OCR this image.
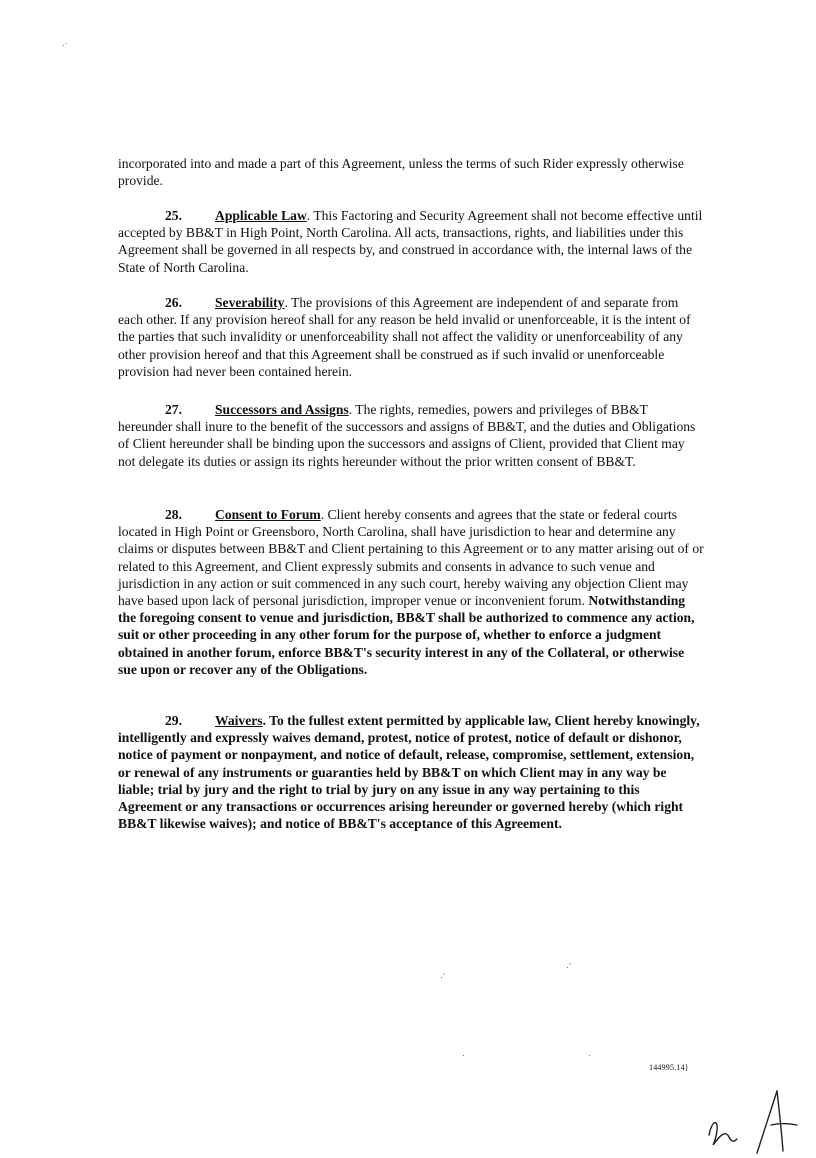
.·

incorporated into and made a part of this Agreement, unless the terms of such Rider expressly otherwise provide.

25. Applicable Law. This Factoring and Security Agreement shall not become effective until accepted by BB&T in High Point, North Carolina. All acts, transactions, rights, and liabilities under this Agreement shall be governed in all respects by, and construed in accordance with, the internal laws of the State of North Carolina.

26. Severability. The provisions of this Agreement are independent of and separate from each other. If any provision hereof shall for any reason be held invalid or unenforceable, it is the intent of the parties that such invalidity or unenforceability shall not affect the validity or unenforceability of any other provision hereof and that this Agreement shall be construed as if such invalid or unenforceable provision had never been contained herein.

27. Successors and Assigns. The rights, remedies, powers and privileges of BB&T hereunder shall inure to the benefit of the successors and assigns of BB&T, and the duties and Obligations of Client hereunder shall be binding upon the successors and assigns of Client, provided that Client may not delegate its duties or assign its rights hereunder without the prior written consent of BB&T.

28. Consent to Forum. Client hereby consents and agrees that the state or federal courts located in High Point or Greensboro, North Carolina, shall have jurisdiction to hear and determine any claims or disputes between BB&T and Client pertaining to this Agreement or to any matter arising out of or related to this Agreement, and Client expressly submits and consents in advance to such venue and jurisdiction in any action or suit commenced in any such court, hereby waiving any objection Client may have based upon lack of personal jurisdiction, improper venue or inconvenient forum. Notwithstanding the foregoing consent to venue and jurisdiction, BB&T shall be authorized to commence any action, suit or other proceeding in any other forum for the purpose of, whether to enforce a judgment obtained in another forum, enforce BB&T's security interest in any of the Collateral, or otherwise sue upon or recover any of the Obligations.

29. Waivers. To the fullest extent permitted by applicable law, Client hereby knowingly, intelligently and expressly waives demand, protest, notice of protest, notice of default or dishonor, notice of payment or nonpayment, and notice of default, release, compromise, settlement, extension, or renewal of any instruments or guaranties held by BB&T on which Client may in any way be liable; trial by jury and the right to trial by jury on any issue in any way pertaining to this Agreement or any transactions or occurrences arising hereunder or governed hereby (which right BB&T likewise waives); and notice of BB&T's acceptance of this Agreement.

·´
·´
·	·
144995.14}
